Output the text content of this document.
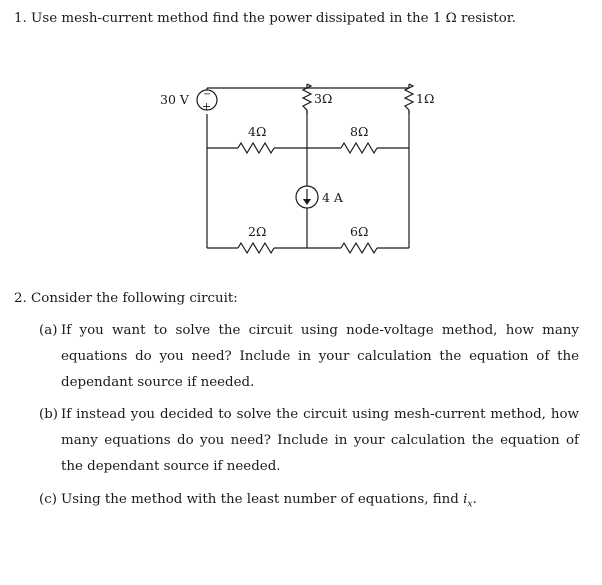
1. Use mesh-current method find the power dissipated in the 1 Ω resistor.
−
+
30 V	3Ω	1Ω
4Ω	8Ω
4 A
2Ω	6Ω
2. Consider the following circuit:
(a) If you want to solve the circuit using node-voltage method, how many equations do you need? Include in your calculation the equation of the dependant source if needed.
(b) If instead you decided to solve the circuit using mesh-current method, how many equations do you need? Include in your calculation the equation of the dependant source if needed.
(c) Using the method with the least number of equations, find $i_x$.
